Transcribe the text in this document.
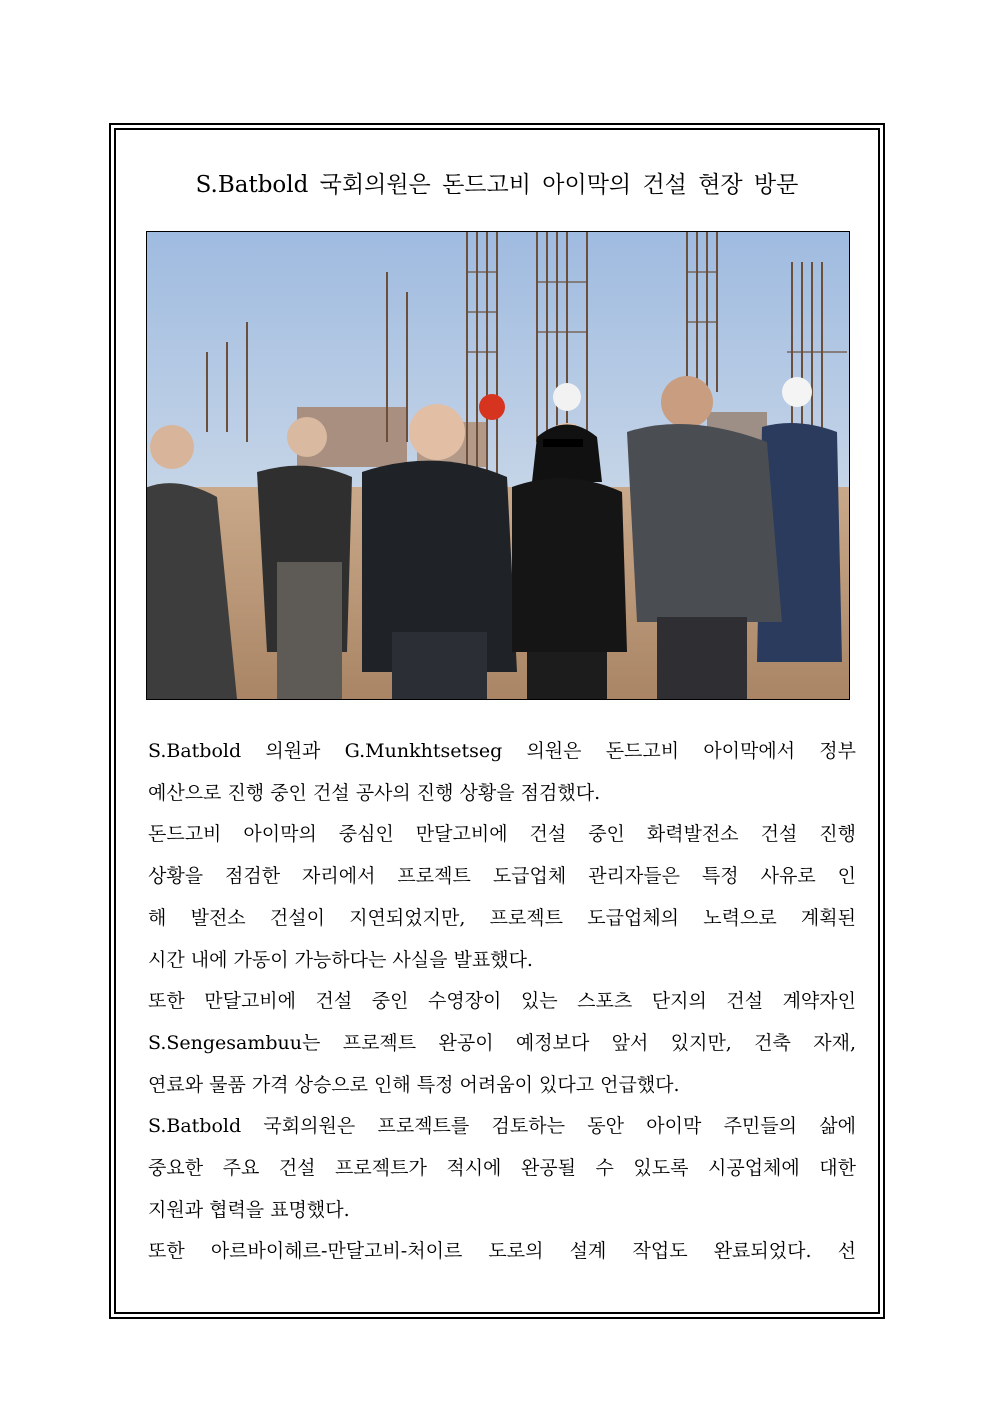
S.Batbold 국회의원은 돈드고비 아이막의 건설 현장 방문
S.Batbold 의원과 G.Munkhtsetseg 의원은 돈드고비 아이막에서 정부
예산으로 진행 중인 건설 공사의 진행 상황을 점검했다.
돈드고비 아이막의 중심인 만달고비에 건설 중인 화력발전소 건설 진행
상황을 점검한 자리에서 프로젝트 도급업체 관리자들은 특정 사유로 인
해 발전소 건설이 지연되었지만, 프로젝트 도급업체의 노력으로 계획된
시간 내에 가동이 가능하다는 사실을 발표했다.
또한 만달고비에 건설 중인 수영장이 있는 스포츠 단지의 건설 계약자인
S.Sengesambuu는 프로젝트 완공이 예정보다 앞서 있지만, 건축 자재,
연료와 물품 가격 상승으로 인해 특정 어려움이 있다고 언급했다.
S.Batbold 국회의원은 프로젝트를 검토하는 동안 아이막 주민들의 삶에
중요한 주요 건설 프로젝트가 적시에 완공될 수 있도록 시공업체에 대한
지원과 협력을 표명했다.
또한 아르바이헤르-만달고비-처이르 도로의 설계 작업도 완료되었다. 선
